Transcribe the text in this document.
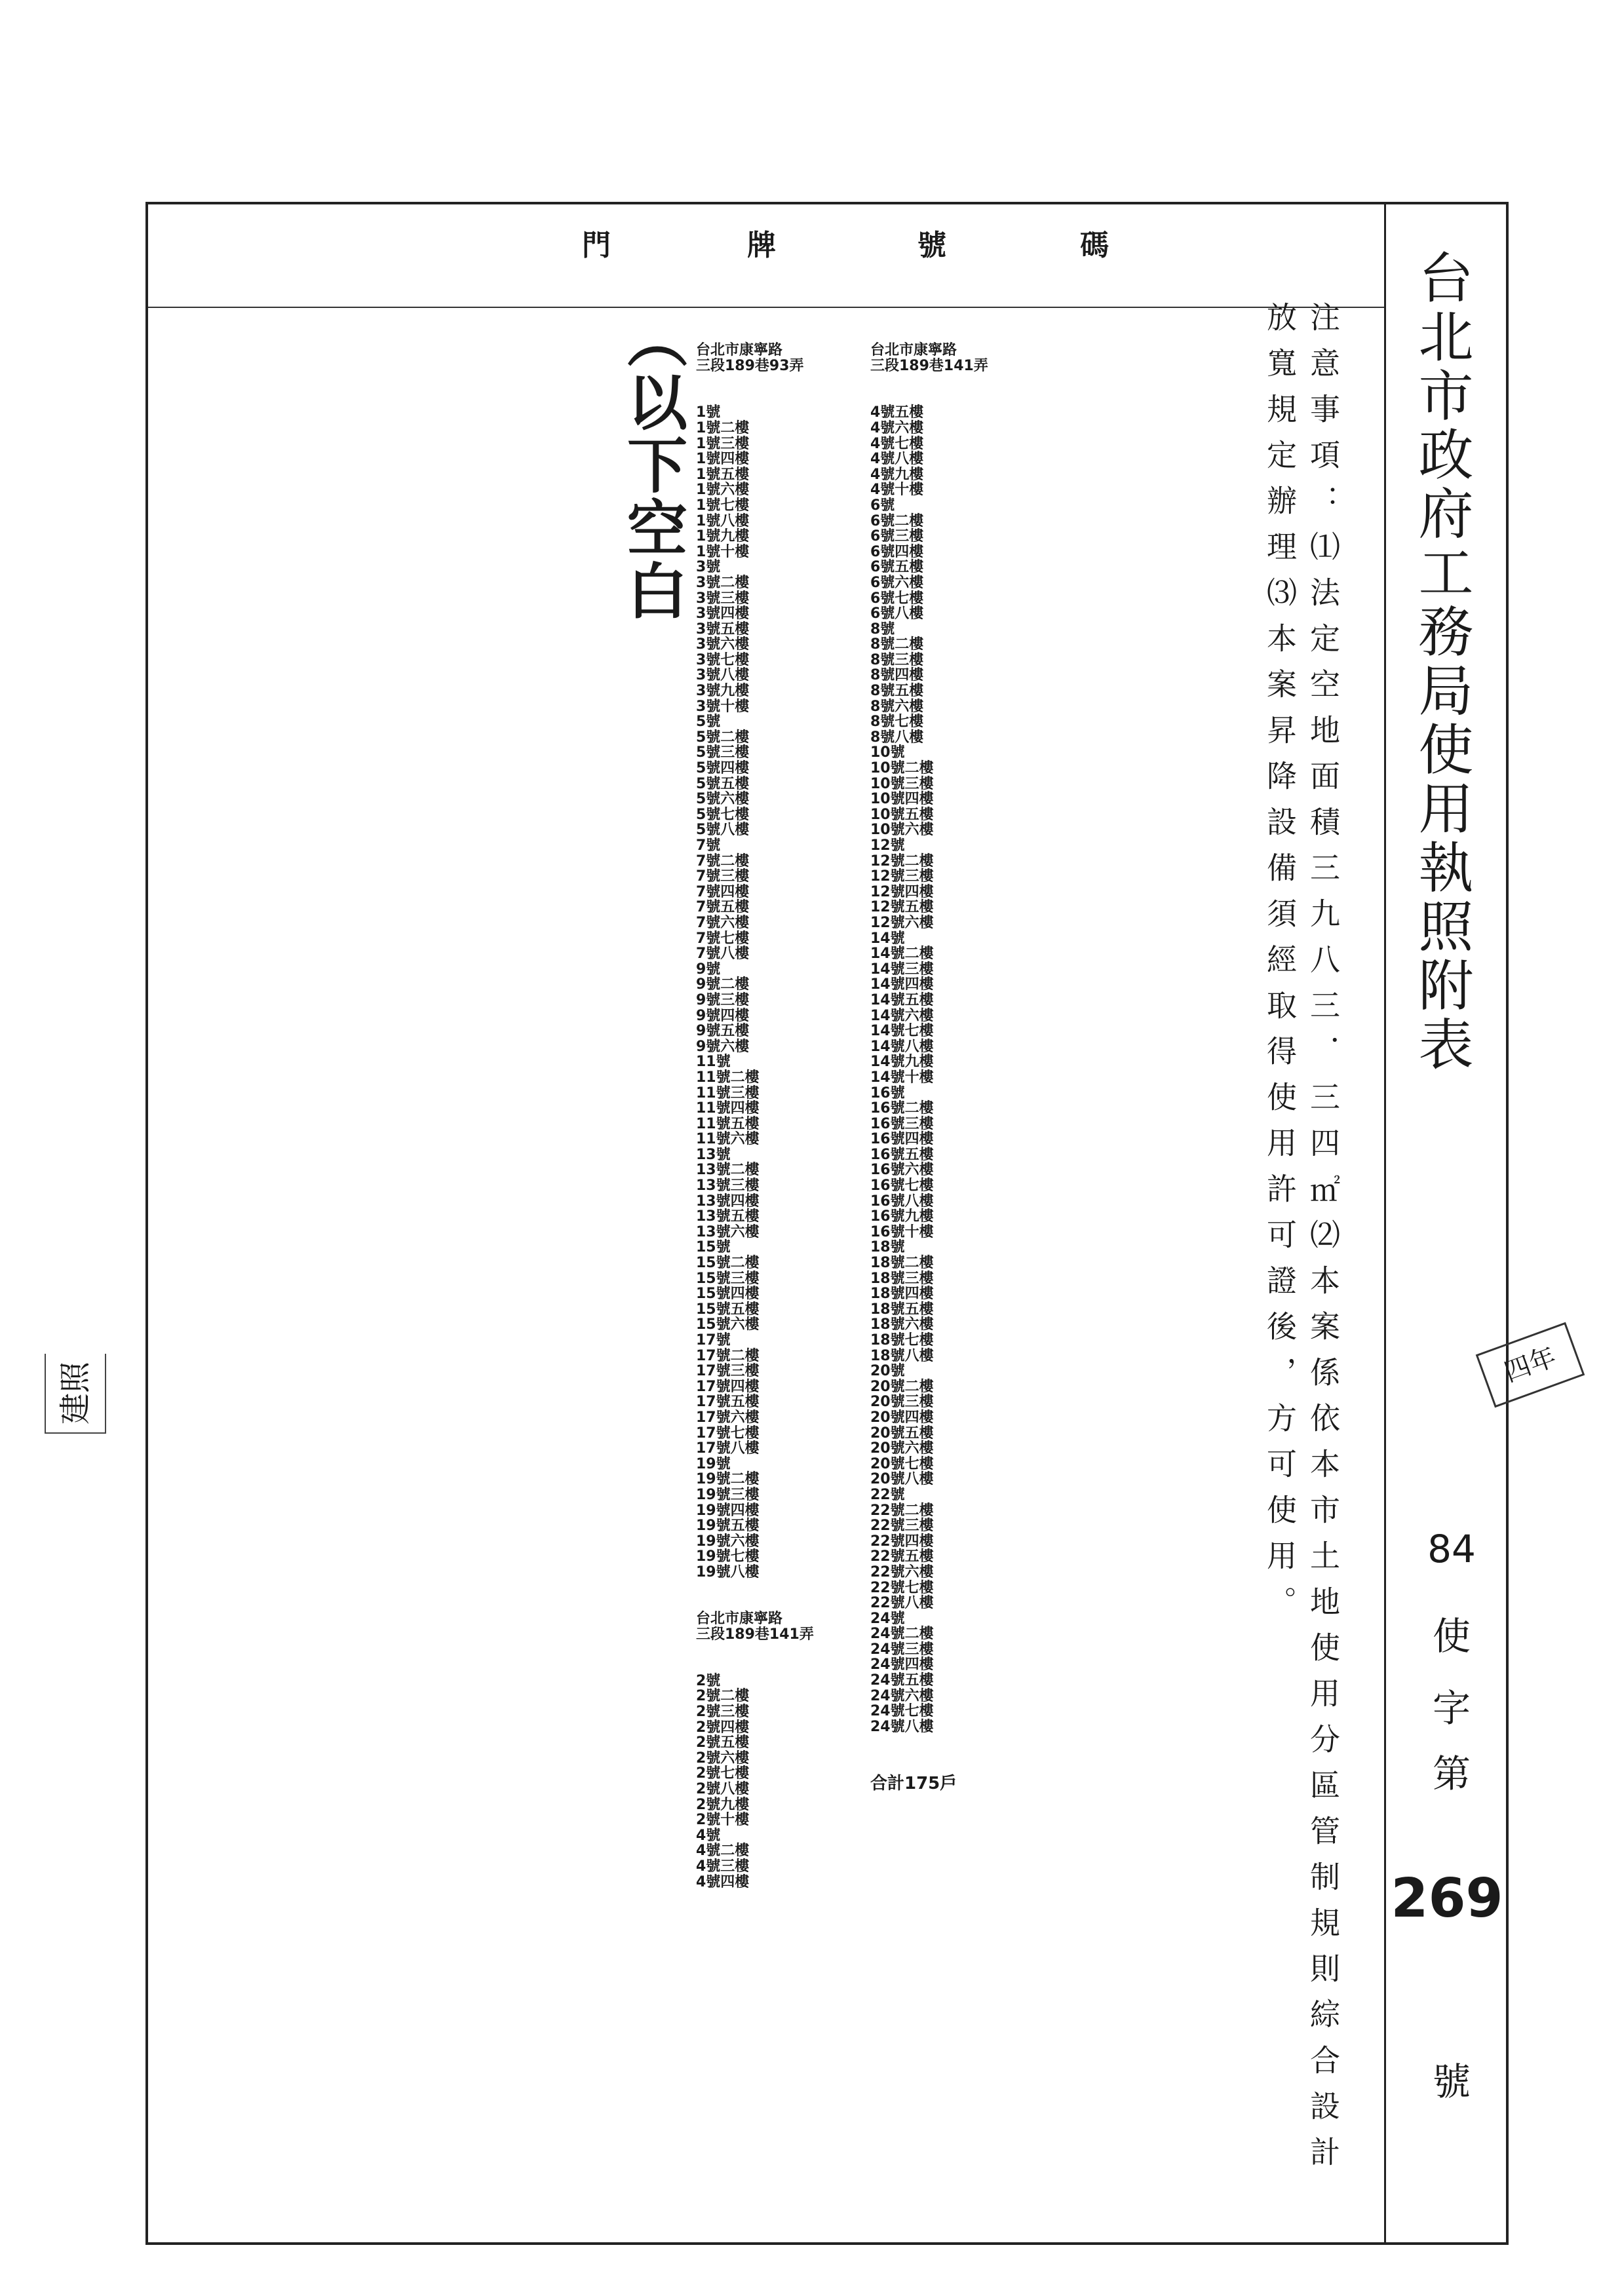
門	牌	號	碼
台北市政府工務局使用執照附表
84
使
字
第
269
號
注意事項：⑴法定空地面積三九八三．三四㎡⑵本案係依本市土地使用分區管制規則綜合設計放寬規定辦理⑶本案昇降設備須經取得使用許可證後，方可使用。
（以下空白

台北市康寧路
三段189巷93弄

1號
1號二樓
1號三樓
1號四樓
1號五樓
1號六樓
1號七樓
1號八樓
1號九樓
1號十樓
3號
3號二樓
3號三樓
3號四樓
3號五樓
3號六樓
3號七樓
3號八樓
3號九樓
3號十樓
5號
5號二樓
5號三樓
5號四樓
5號五樓
5號六樓
5號七樓
5號八樓
7號
7號二樓
7號三樓
7號四樓
7號五樓
7號六樓
7號七樓
7號八樓
9號
9號二樓
9號三樓
9號四樓
9號五樓
9號六樓
11號
11號二樓
11號三樓
11號四樓
11號五樓
11號六樓
13號
13號二樓
13號三樓
13號四樓
13號五樓
13號六樓
15號
15號二樓
15號三樓
15號四樓
15號五樓
15號六樓
17號
17號二樓
17號三樓
17號四樓
17號五樓
17號六樓
17號七樓
17號八樓
19號
19號二樓
19號三樓
19號四樓
19號五樓
19號六樓
19號七樓
19號八樓

台北市康寧路
三段189巷141弄

2號
2號二樓
2號三樓
2號四樓
2號五樓
2號六樓
2號七樓
2號八樓
2號九樓
2號十樓
4號
4號二樓
4號三樓
4號四樓

台北市康寧路
三段189巷141弄

4號五樓
4號六樓
4號七樓
4號八樓
4號九樓
4號十樓
6號
6號二樓
6號三樓
6號四樓
6號五樓
6號六樓
6號七樓
6號八樓
8號
8號二樓
8號三樓
8號四樓
8號五樓
8號六樓
8號七樓
8號八樓
10號
10號二樓
10號三樓
10號四樓
10號五樓
10號六樓
12號
12號二樓
12號三樓
12號四樓
12號五樓
12號六樓
14號
14號二樓
14號三樓
14號四樓
14號五樓
14號六樓
14號七樓
14號八樓
14號九樓
14號十樓
16號
16號二樓
16號三樓
16號四樓
16號五樓
16號六樓
16號七樓
16號八樓
16號九樓
16號十樓
18號
18號二樓
18號三樓
18號四樓
18號五樓
18號六樓
18號七樓
18號八樓
20號
20號二樓
20號三樓
20號四樓
20號五樓
20號六樓
20號七樓
20號八樓
22號
22號二樓
22號三樓
22號四樓
22號五樓
22號六樓
22號七樓
22號八樓
24號
24號二樓
24號三樓
24號四樓
24號五樓
24號六樓
24號七樓
24號八樓

合計175戶

建照	四年
